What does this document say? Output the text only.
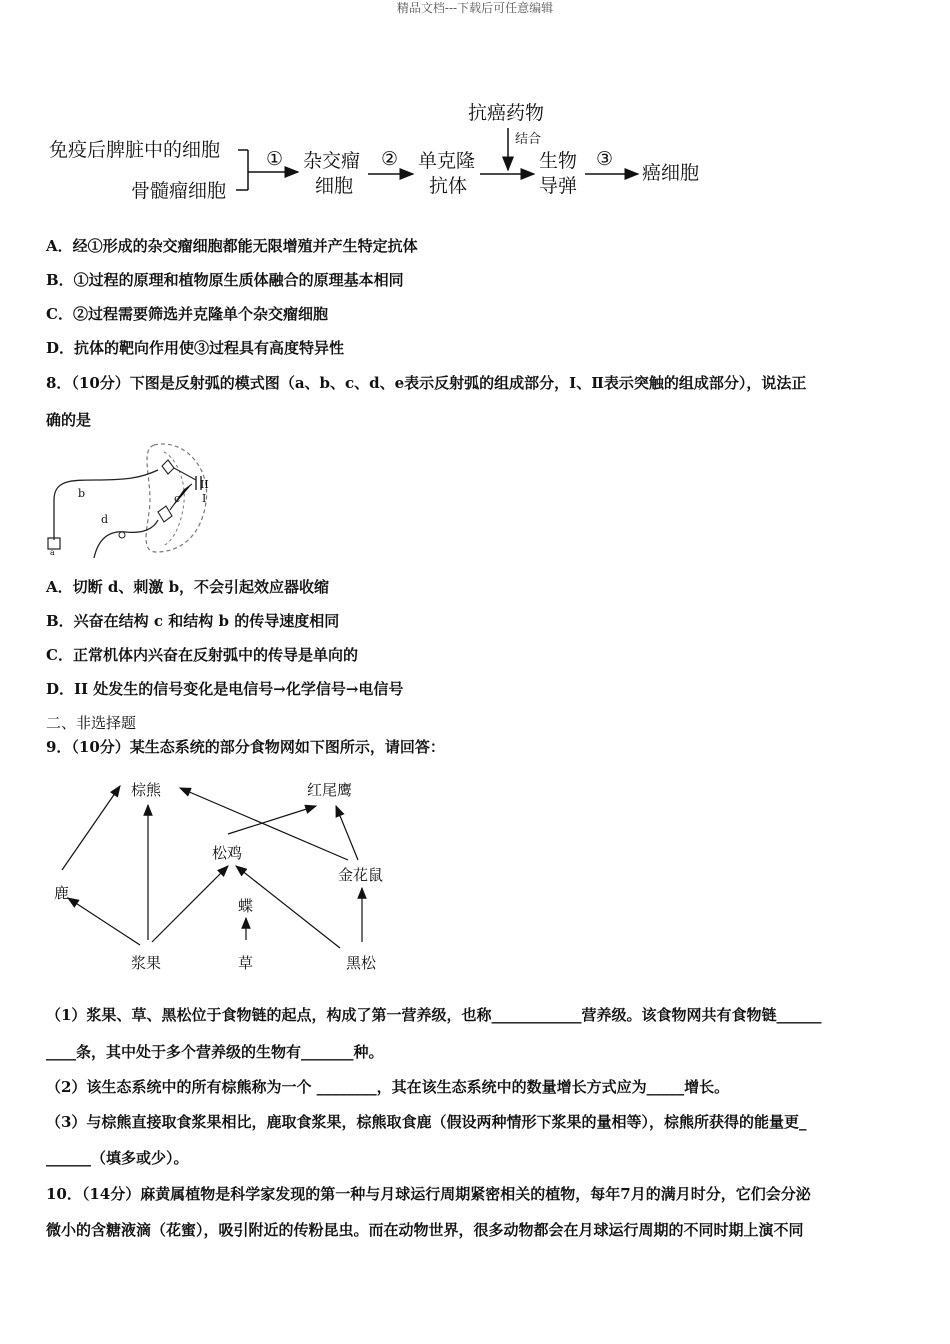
精品文档---下载后可任意编辑
抗癌药物
结合
免疫后脾脏中的细胞
骨髓瘤细胞
① 杂交瘤
细胞
② 单克隆
抗体
生物
导弹
③
癌细胞
A．经①形成的杂交瘤细胞都能无限增殖并产生特定抗体
B．①过程的原理和植物原生质体融合的原理基本相同
C．②过程需要筛选并克隆单个杂交瘤细胞
D．抗体的靶向作用使③过程具有高度特异性
8．（10分）下图是反射弧的模式图（a、b、c、d、e表示反射弧的组成部分，I、Ⅱ表示突触的组成部分），说法正
确的是
b	c
d
II
I
a
A．切断 d、刺激 b，不会引起效应器收缩
B．兴奋在结构 c 和结构 b 的传导速度相同
C．正常机体内兴奋在反射弧中的传导是单向的
D．II 处发生的信号变化是电信号→化学信号→电信号
二、非选择题
9．（10分）某生态系统的部分食物网如下图所示，请回答：
棕熊	红尾鹰
松鸡
金花鼠
鹿
蝶
浆果	草	黑松
（1）浆果、草、黑松位于食物链的起点，构成了第一营养级，也称____________营养级。该食物网共有食物链______
____条，其中处于多个营养级的生物有_______种。
（2）该生态系统中的所有棕熊称为一个 ________，其在该生态系统中的数量增长方式应为_____增长。
（3）与棕熊直接取食浆果相比，鹿取食浆果，棕熊取食鹿（假设两种情形下浆果的量相等），棕熊所获得的能量更_
______（填多或少）。
10．（14分）麻黄属植物是科学家发现的第一种与月球运行周期紧密相关的植物，每年7月的满月时分，它们会分泌
微小的含糖液滴（花蜜），吸引附近的传粉昆虫。而在动物世界，很多动物都会在月球运行周期的不同时期上演不同
